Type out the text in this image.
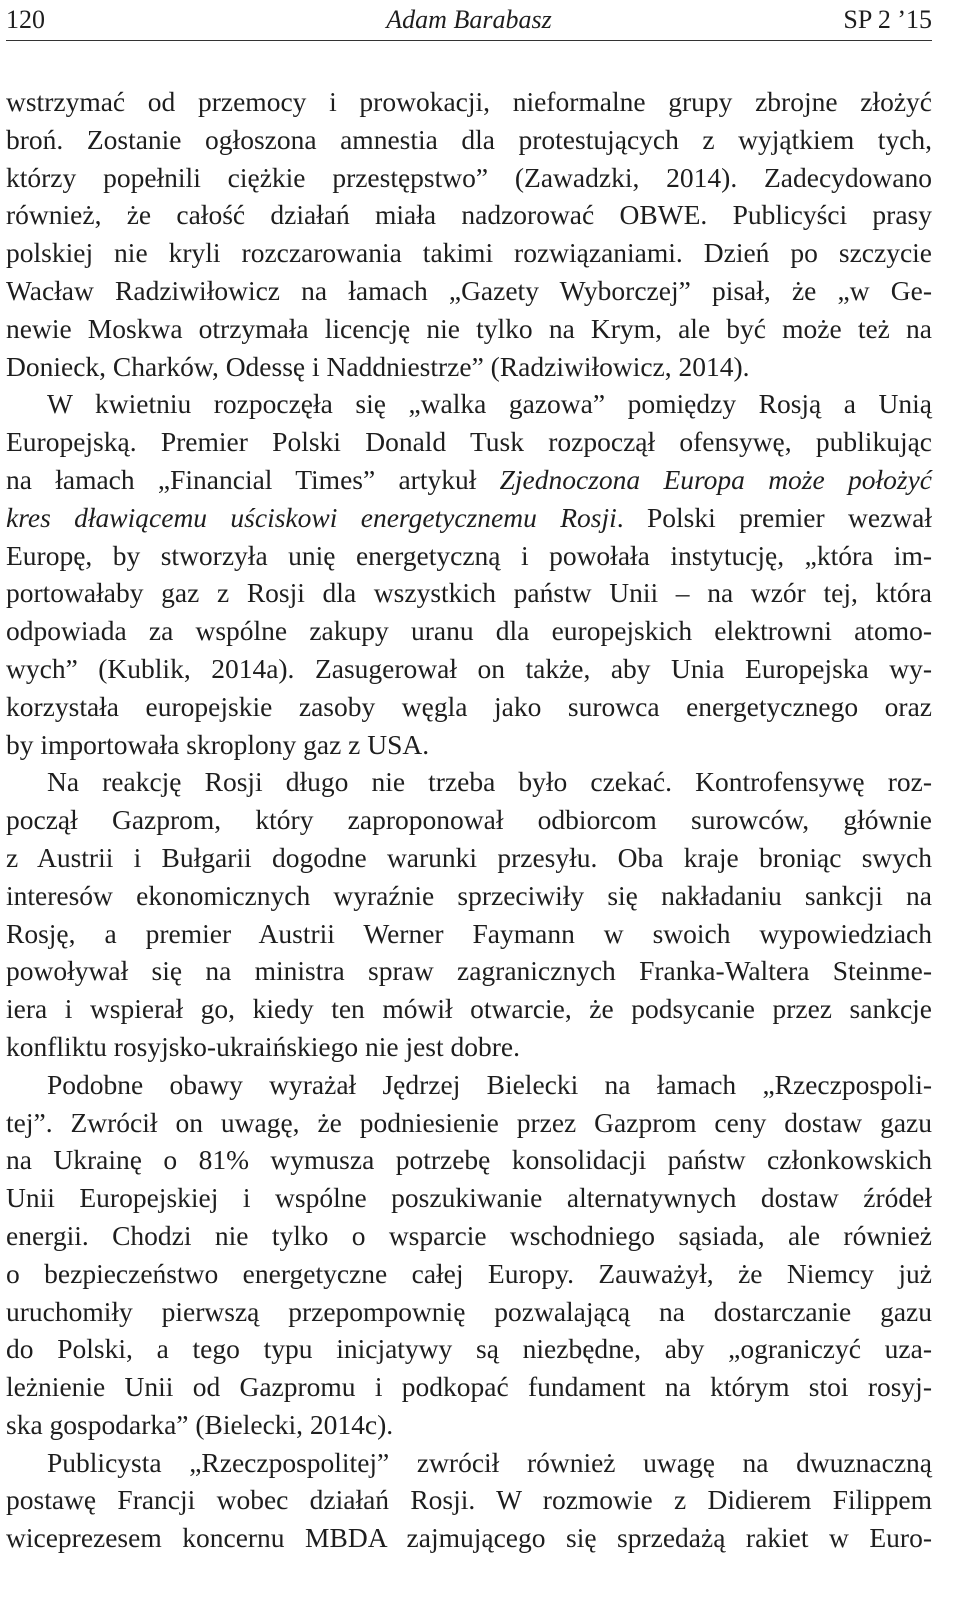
120	Adam Barabasz	SP 2 ’15
wstrzymać od przemocy i prowokacji, nieformalne grupy zbrojne złożyć
broń. Zostanie ogłoszona amnestia dla protestujących z wyjątkiem tych,
którzy popełnili ciężkie przestępstwo” (Zawadzki, 2014). Zadecydowano
również, że całość działań miała nadzorować OBWE. Publicyści prasy
polskiej nie kryli rozczarowania takimi rozwiązaniami. Dzień po szczycie
Wacław Radziwiłowicz na łamach „Gazety Wyborczej” pisał, że „w Ge-
newie Moskwa otrzymała licencję nie tylko na Krym, ale być może też na
Donieck, Charków, Odessę i Naddniestrze” (Radziwiłowicz, 2014).
W kwietniu rozpoczęła się „walka gazowa” pomiędzy Rosją a Unią
Europejską. Premier Polski Donald Tusk rozpoczął ofensywę, publikując
na łamach „Financial Times” artykuł Zjednoczona Europa może położyć
kres dławiącemu uściskowi energetycznemu Rosji. Polski premier wezwał
Europę, by stworzyła unię energetyczną i powołała instytucję, „która im-
portowałaby gaz z Rosji dla wszystkich państw Unii – na wzór tej, która
odpowiada za wspólne zakupy uranu dla europejskich elektrowni atomo-
wych” (Kublik, 2014a). Zasugerował on także, aby Unia Europejska wy-
korzystała europejskie zasoby węgla jako surowca energetycznego oraz
by importowała skroplony gaz z USA.
Na reakcję Rosji długo nie trzeba było czekać. Kontrofensywę roz-
począł Gazprom, który zaproponował odbiorcom surowców, głównie
z Austrii i Bułgarii dogodne warunki przesyłu. Oba kraje broniąc swych
interesów ekonomicznych wyraźnie sprzeciwiły się nakładaniu sankcji na
Rosję, a premier Austrii Werner Faymann w swoich wypowiedziach
powoływał się na ministra spraw zagranicznych Franka-Waltera Steinme-
iera i wspierał go, kiedy ten mówił otwarcie, że podsycanie przez sankcje
konfliktu rosyjsko-ukraińskiego nie jest dobre.
Podobne obawy wyrażał Jędrzej Bielecki na łamach „Rzeczpospoli-
tej”. Zwrócił on uwagę, że podniesienie przez Gazprom ceny dostaw gazu
na Ukrainę o 81% wymusza potrzebę konsolidacji państw członkowskich
Unii Europejskiej i wspólne poszukiwanie alternatywnych dostaw źródeł
energii. Chodzi nie tylko o wsparcie wschodniego sąsiada, ale również
o bezpieczeństwo energetyczne całej Europy. Zauważył, że Niemcy już
uruchomiły pierwszą przepompownię pozwalającą na dostarczanie gazu
do Polski, a tego typu inicjatywy są niezbędne, aby „ograniczyć uza-
leżnienie Unii od Gazpromu i podkopać fundament na którym stoi rosyj-
ska gospodarka” (Bielecki, 2014c).
Publicysta „Rzeczpospolitej” zwrócił również uwagę na dwuznaczną
postawę Francji wobec działań Rosji. W rozmowie z Didierem Filippem
wiceprezesem koncernu MBDA zajmującego się sprzedażą rakiet w Euro-
